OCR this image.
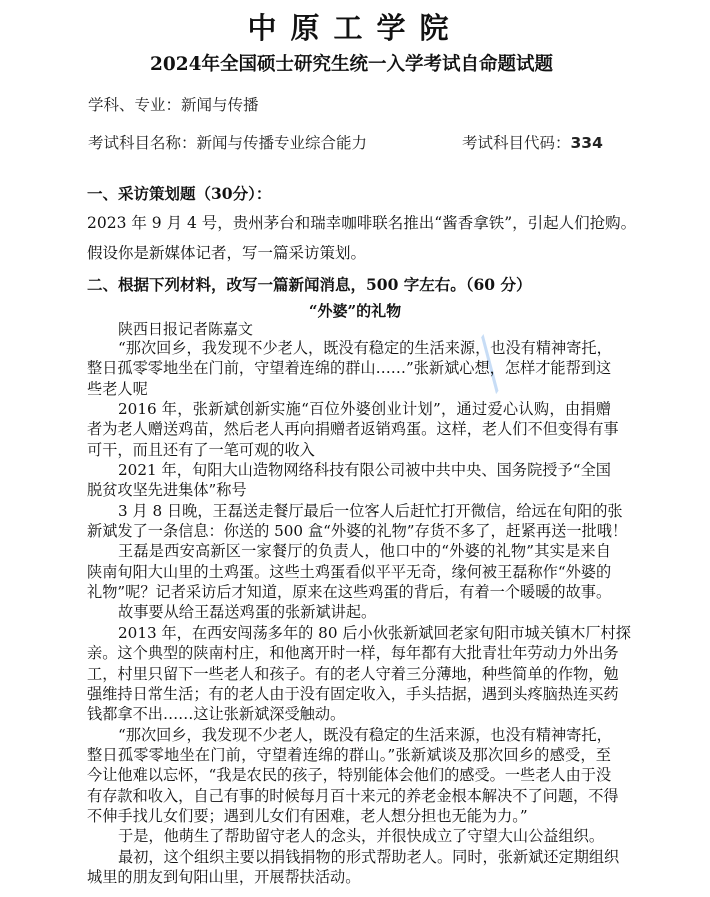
⟋
中原工学院
2024年全国硕士研究生统一入学考试自命题试题
学科、专业：新闻与传播
考试科目名称：新闻与传播专业综合能力	考试科目代码：334
一、采访策划题（30分）：
2023 年 9 月 4 号，贵州茅台和瑞幸咖啡联名推出“酱香拿铁”，引起人们抢购。
假设你是新媒体记者，写一篇采访策划。
二、根据下列材料，改写一篇新闻消息，500 字左右。（60 分）
“外婆”的礼物
陕西日报记者陈嘉文
“那次回乡，我发现不少老人，既没有稳定的生活来源，也没有精神寄托，
整日孤零零地坐在门前，守望着连绵的群山……”张新斌心想，怎样才能帮到这
些老人呢
2016 年，张新斌创新实施“百位外婆创业计划”，通过爱心认购，由捐赠
者为老人赠送鸡苗，然后老人再向捐赠者返销鸡蛋。这样，老人们不但变得有事
可干，而且还有了一笔可观的收入
2021 年，旬阳大山造物网络科技有限公司被中共中央、国务院授予“全国
脱贫攻坚先进集体”称号
3 月 8 日晚，王磊送走餐厅最后一位客人后赶忙打开微信，给远在旬阳的张
新斌发了一条信息：你送的 500 盒“外婆的礼物”存货不多了，赶紧再送一批哦！
王磊是西安高新区一家餐厅的负责人，他口中的“外婆的礼物”其实是来自
陕南旬阳大山里的土鸡蛋。这些土鸡蛋看似平平无奇，缘何被王磊称作“外婆的
礼物”呢？记者采访后才知道，原来在这些鸡蛋的背后，有着一个暖暖的故事。
故事要从给王磊送鸡蛋的张新斌讲起。
2013 年，在西安闯荡多年的 80 后小伙张新斌回老家旬阳市城关镇木厂村探
亲。这个典型的陕南村庄，和他离开时一样，每年都有大批青壮年劳动力外出务
工，村里只留下一些老人和孩子。有的老人守着三分薄地，种些简单的作物，勉
强维持日常生活；有的老人由于没有固定收入，手头拮据，遇到头疼脑热连买药
钱都拿不出……这让张新斌深受触动。
“那次回乡，我发现不少老人，既没有稳定的生活来源，也没有精神寄托，
整日孤零零地坐在门前，守望着连绵的群山。”张新斌谈及那次回乡的感受，至
今让他难以忘怀，“我是农民的孩子，特别能体会他们的感受。一些老人由于没
有存款和收入，自己有事的时候每月百十来元的养老金根本解决不了问题，不得
不伸手找儿女们要；遇到儿女们有困难，老人想分担也无能为力。”
于是，他萌生了帮助留守老人的念头，并很快成立了守望大山公益组织。
最初，这个组织主要以捐钱捐物的形式帮助老人。同时，张新斌还定期组织
城里的朋友到旬阳山里，开展帮扶活动。
